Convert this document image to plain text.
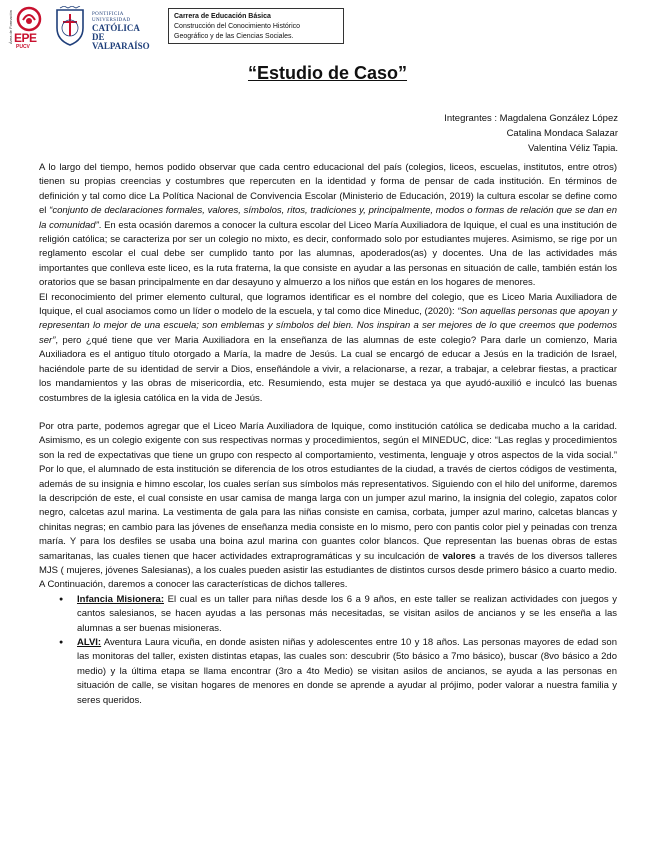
Área de Formación EPE
PUCV
PONTIFICIA
UNIVERSIDAD
CATÓLICA DE
VALPARAÍSO
Carrera de Educación Básica
Construcción del Conocimiento Histórico
Geográfico y de las Ciencias Sociales.
“Estudio de Caso”
Integrantes : Magdalena González López
Catalina Mondaca Salazar
Valentina Véliz Tapia.

A lo largo del tiempo, hemos podido observar que cada centro educacional del país (colegios, liceos, escuelas, institutos, entre otros) tienen su propias creencias y costumbres que repercuten en la identidad y forma de pensar de cada institución. En términos de definición y tal como dice La Política Nacional de Convivencia Escolar (Ministerio de Educación, 2019) la cultura escolar se define como el “conjunto de declaraciones formales, valores, símbolos, ritos, tradiciones y, principalmente, modos o formas de relación que se dan en la comunidad”. En esta ocasión daremos a conocer la cultura escolar del Liceo María Auxiliadora de Iquique, el cual es una institución de religión católica; se caracteriza por ser un colegio no mixto, es decir, conformado solo por estudiantes mujeres. Asimismo, se rige por un reglamento escolar el cual debe ser cumplido tanto por las alumnas, apoderados(as) y docentes. Una de las actividades más importantes que conlleva este liceo, es la ruta fraterna, la que consiste en ayudar a las personas en situación de calle, también están los oratorios que se basan principalmente en dar desayuno y almuerzo a los niños que están en los hogares de menores.

El reconocimiento del primer elemento cultural, que logramos identificar es el nombre del colegio, que es Liceo Maria Auxiliadora de Iquique, el cual asociamos como un líder o modelo de la escuela, y tal como dice Mineduc, (2020): “Son aquellas personas que apoyan y representan lo mejor de una escuela; son emblemas y símbolos del bien. Nos inspiran a ser mejores de lo que creemos que podemos ser”, pero ¿qué tiene que ver Maria Auxiliadora en la enseñanza de las alumnas de este colegio? Para darle un comienzo, Maria Auxiliadora es el antiguo título otorgado a María, la madre de Jesús. La cual se encargó de educar a Jesús en la tradición de Israel, haciéndole parte de su identidad de servir a Dios, enseñándole a vivir, a relacionarse, a rezar, a trabajar, a celebrar fiestas, a practicar los mandamientos y las obras de misericordia, etc. Resumiendo, esta mujer se destaca ya que ayudó-auxilió e inculcó las buenas costumbres de la iglesia católica en la vida de Jesús.

Por otra parte, podemos agregar que el Liceo María Auxiliadora de Iquique, como institución católica se dedicaba mucho a la caridad. Asimismo, es un colegio exigente con sus respectivas normas y procedimientos, según el MINEDUC, dice: “Las reglas y procedimientos son la red de expectativas que tiene un grupo con respecto al comportamiento, vestimenta, lenguaje y otros aspectos de la vida social.” Por lo que, el alumnado de esta institución se diferencia de los otros estudiantes de la ciudad, a través de ciertos códigos de vestimenta, además de su insignia e himno escolar, los cuales serían sus símbolos más representativos. Siguiendo con el hilo del uniforme, daremos la descripción de este, el cual consiste en usar camisa de manga larga con un jumper azul marino, la insignia del colegio, zapatos color negro, calcetas azul marina. La vestimenta de gala para las niñas consiste en camisa, corbata, jumper azul marino, calcetas blancas y chinitas negras; en cambio para las jóvenes de enseñanza media consiste en lo mismo, pero con pantis color piel y peinadas con trenza maría. Y para los desfiles se usaba una boina azul marina con guantes color blancos. Que representan las buenas obras de estas samaritanas, las cuales tienen que hacer actividades extraprogramáticas y su inculcación de valores a través de los diversos talleres MJS ( mujeres, jóvenes Salesianas), a los cuales pueden asistir las estudiantes de distintos cursos desde primero básico a cuarto medio. A Continuación, daremos a conocer las características de dichos talleres.

● Infancia Misionera: El cual es un taller para niñas desde los 6 a 9 años, en este taller se realizan actividades con juegos y cantos salesianos, se hacen ayudas a las personas más necesitadas, se visitan asilos de ancianos y se les enseña a las alumnas a ser buenas misioneras.
● ALVI: Aventura Laura vicuña, en donde asisten niñas y adolescentes entre 10 y 18 años. Las personas mayores de edad son las monitoras del taller, existen distintas etapas, las cuales son: descubrir (5to básico a 7mo básico), buscar (8vo básico a 2do medio) y la última etapa se llama encontrar (3ro a 4to Medio) se visitan asilos de ancianos, se ayuda a las personas en situación de calle, se visitan hogares de menores en donde se aprende a ayudar al prójimo, poder valorar a nuestra familia y seres queridos.
